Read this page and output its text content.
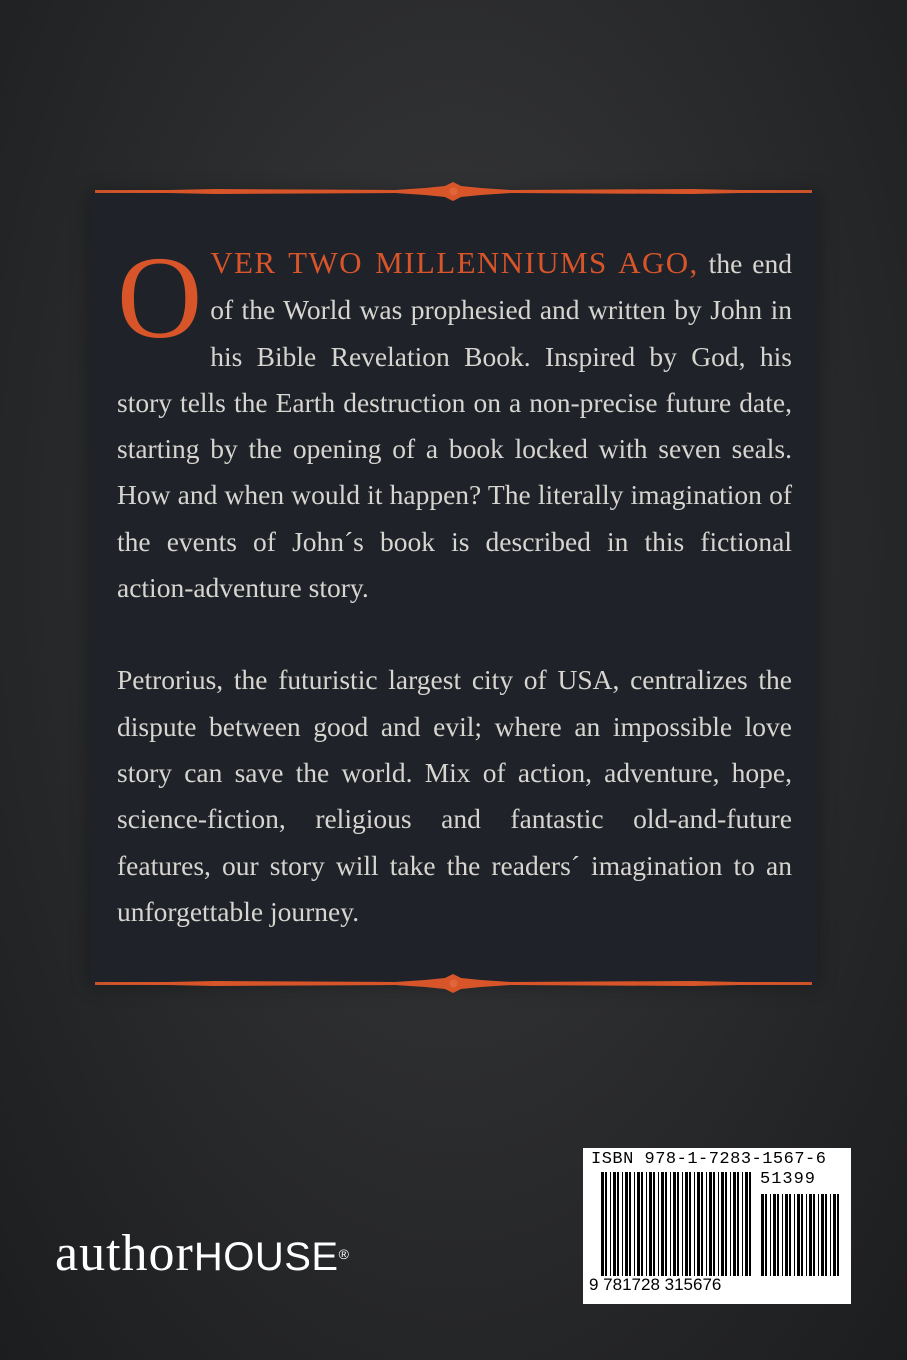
OVER TWO MILLENNIUMS AGO, the end of the World was prophesied and written by John in his Bible Revelation Book. Inspired by God, his story tells the Earth destruction on a non-precise future date, starting by the opening of a book locked with seven seals. How and when would it happen? The literally imagination of the events of John´s book is described in this fictional action-adventure story.

Petrorius, the futuristic largest city of USA, centralizes the dispute between good and evil; where an impossible love story can save the world. Mix of action, adventure, hope, science-fiction, religious and fantastic old-and-future features, our story will take the readers´ imagination to an unforgettable journey.

authorHOUSE®
ISBN 978-1-7283-1567-6
51399
9 781728 315676
